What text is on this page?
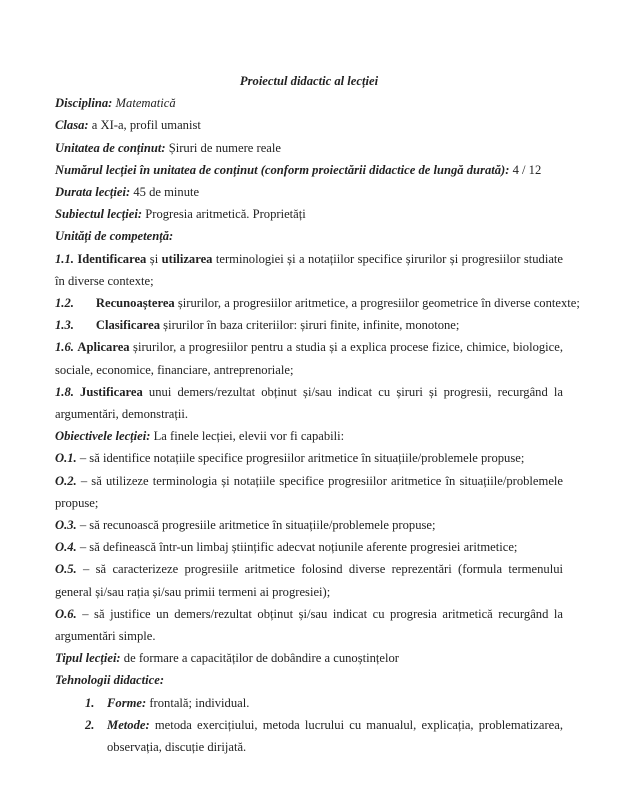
Proiectul didactic al lecției
Disciplina: Matematică
Clasa: a XI-a, profil umanist
Unitatea de conținut: Șiruri de numere reale
Numărul lecției în unitatea de conținut (conform proiectării didactice de lungă durată): 4 / 12
Durata lecției: 45 de minute
Subiectul lecției: Progresia aritmetică. Proprietăți
Unități de competență:
1.1. Identificarea și utilizarea terminologiei și a notațiilor specifice șirurilor și progresiilor studiate în diverse contexte;
1.2. Recunoașterea șirurilor, a progresiilor aritmetice, a progresiilor geometrice în diverse contexte;
1.3. Clasificarea șirurilor în baza criteriilor: șiruri finite, infinite, monotone;
1.6. Aplicarea șirurilor, a progresiilor pentru a studia și a explica procese fizice, chimice, biologice, sociale, economice, financiare, antreprenoriale;
1.8. Justificarea unui demers/rezultat obținut și/sau indicat cu șiruri și progresii, recurgând la argumentări, demonstrații.
Obiectivele lecției: La finele lecției, elevii vor fi capabili:
O.1. – să identifice notațiile specifice progresiilor aritmetice în situațiile/problemele propuse;
O.2. – să utilizeze terminologia și notațiile specifice progresiilor aritmetice în situațiile/problemele propuse;
O.3. – să recunoască progresiile aritmetice în situațiile/problemele propuse;
O.4. – să definească într-un limbaj științific adecvat noțiunile aferente progresiei aritmetice;
O.5. – să caracterizeze progresiile aritmetice folosind diverse reprezentări (formula termenului general și/sau rația și/sau primii termeni ai progresiei);
O.6. – să justifice un demers/rezultat obținut și/sau indicat cu progresia aritmetică recurgând la argumentări simple.
Tipul lecției: de formare a capacităților de dobândire a cunoștințelor
Tehnologii didactice:
1. Forme: frontală; individual.
2. Metode: metoda exercițiului, metoda lucrului cu manualul, explicația, problematizarea, observația, discuție dirijată.
